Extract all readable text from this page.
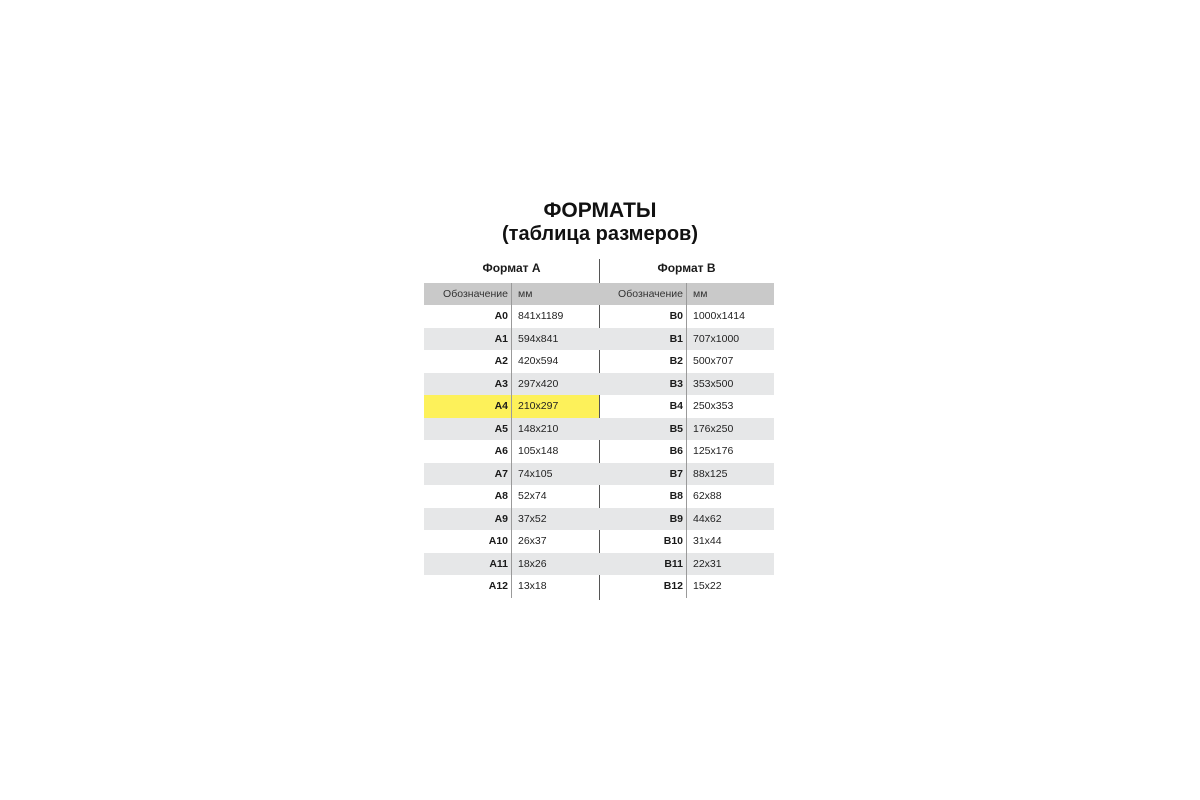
ФОРМАТЫ
(таблица размеров)
Формат А
Обозначение мм
A0 841x1189
A1 594x841
A2 420x594
A3 297x420
A4 210x297
A5 148x210
A6 105x148
A7 74x105
A8 52x74
A9 37x52
A10 26x37
A11 18x26
A12 13x18
Формат В
Обозначение мм
B0 1000x1414
B1 707x1000
B2 500x707
B3 353x500
B4 250x353
B5 176x250
B6 125x176
B7 88x125
B8 62x88
B9 44x62
B10 31x44
B11 22x31
B12 15x22
